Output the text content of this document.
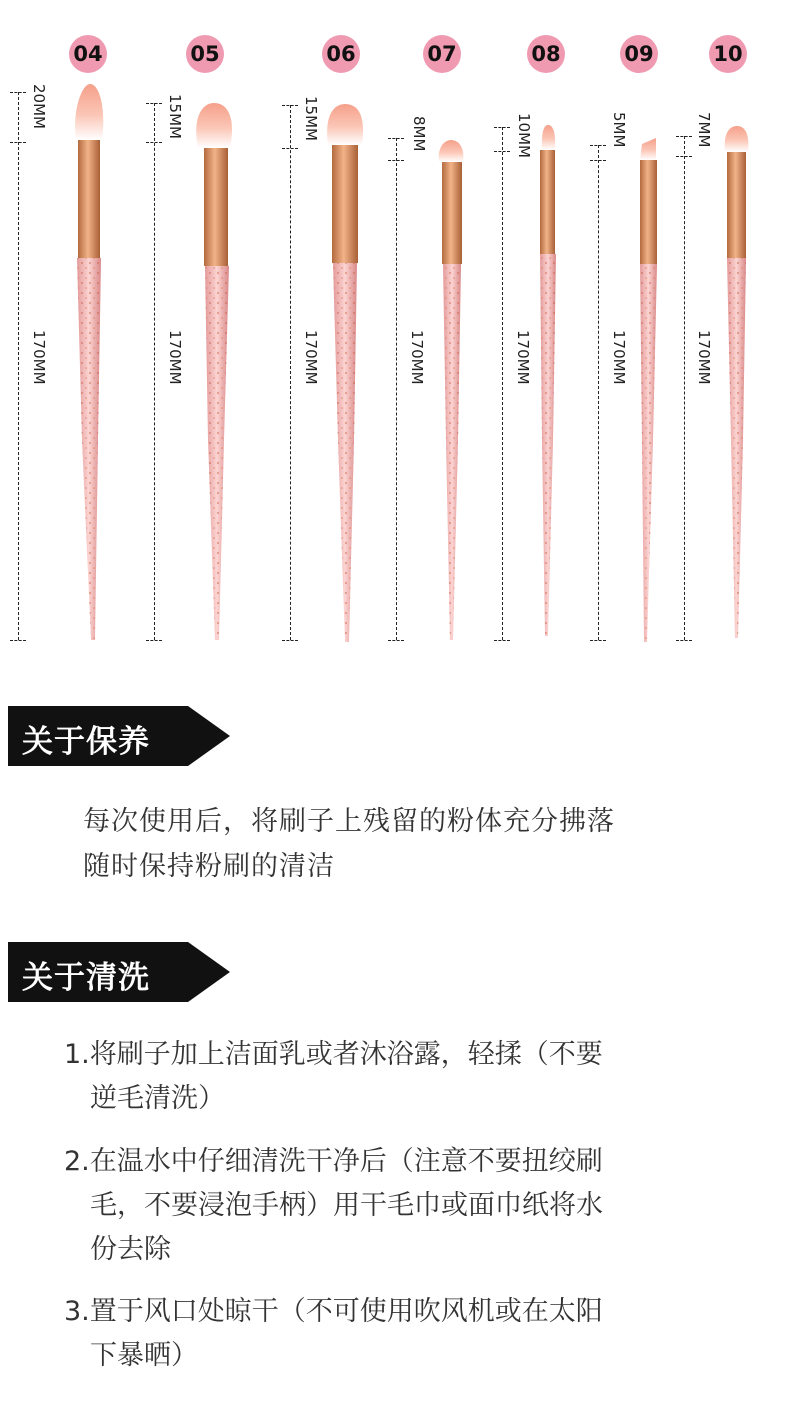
04	05	06	07	08	09	10
20MM
170MM
15MM
170MM
15MM
170MM
8MM
170MM
10MM
170MM
5MM
170MM
7MM
170MM
关于保养
每次使用后，将刷子上残留的粉体充分拂落
随时保持粉刷的清洁
关于清洗
1.将刷子加上洁面乳或者沐浴露，轻揉（不要
逆毛清洗）
2.在温水中仔细清洗干净后（注意不要扭绞刷
毛，不要浸泡手柄）用干毛巾或面巾纸将水
份去除
3.置于风口处晾干（不可使用吹风机或在太阳
下暴晒）
